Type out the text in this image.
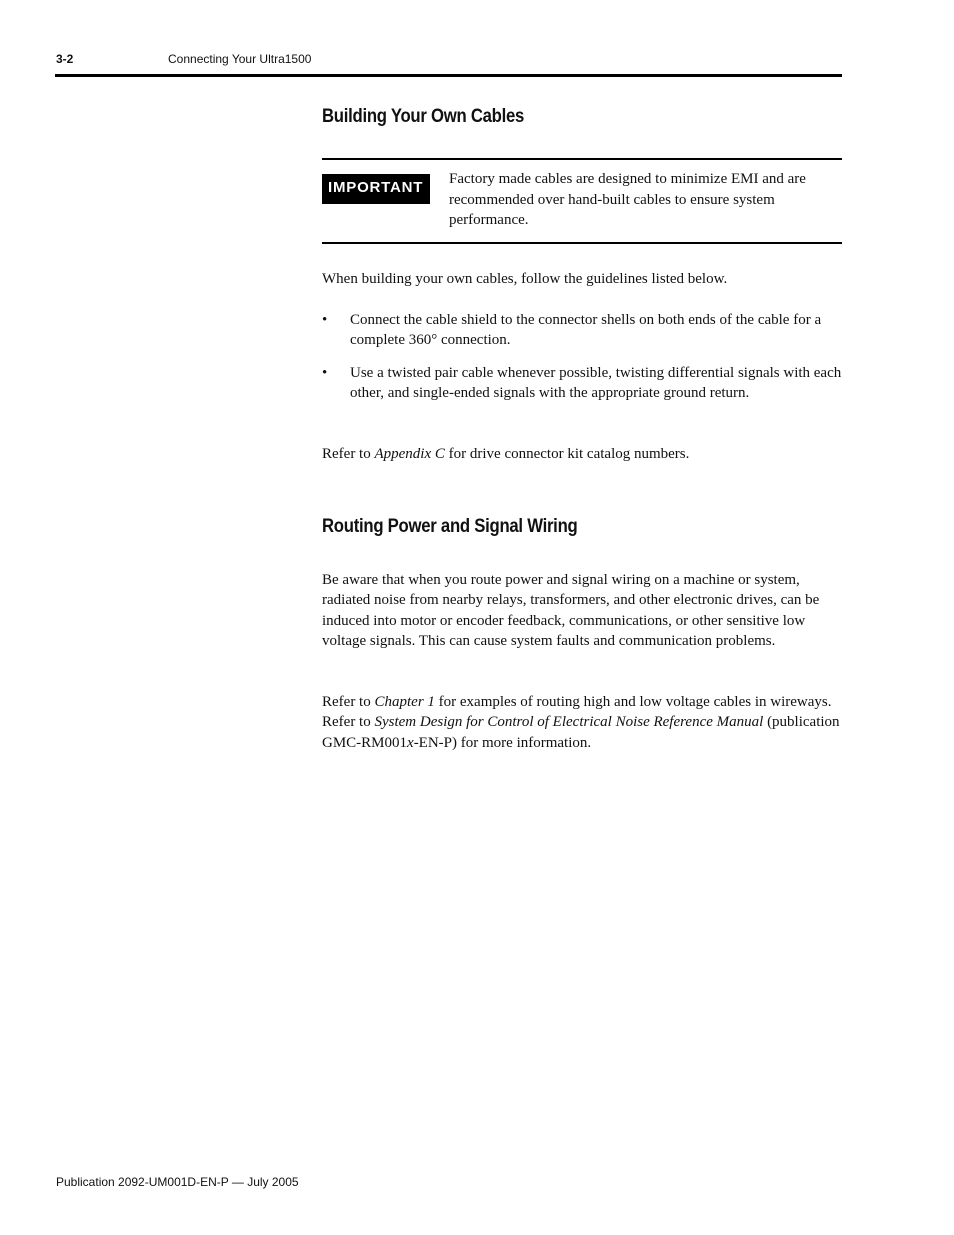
3-2	Connecting Your Ultra1500
Building Your Own Cables
IMPORTANT	Factory made cables are designed to minimize EMI and are recommended over hand-built cables to ensure system performance.

When building your own cables, follow the guidelines listed below.

• Connect the cable shield to the connector shells on both ends of the cable for a complete 360° connection.
• Use a twisted pair cable whenever possible, twisting differential signals with each other, and single-ended signals with the appropriate ground return.

Refer to Appendix C for drive connector kit catalog numbers.

Routing Power and Signal Wiring

Be aware that when you route power and signal wiring on a machine or system, radiated noise from nearby relays, transformers, and other electronic drives, can be induced into motor or encoder feedback, communications, or other sensitive low voltage signals. This can cause system faults and communication problems.

Refer to Chapter 1 for examples of routing high and low voltage cables in wireways. Refer to System Design for Control of Electrical Noise Reference Manual (publication GMC-RM001x-EN-P) for more information.

Publication 2092-UM001D-EN-P — July 2005
